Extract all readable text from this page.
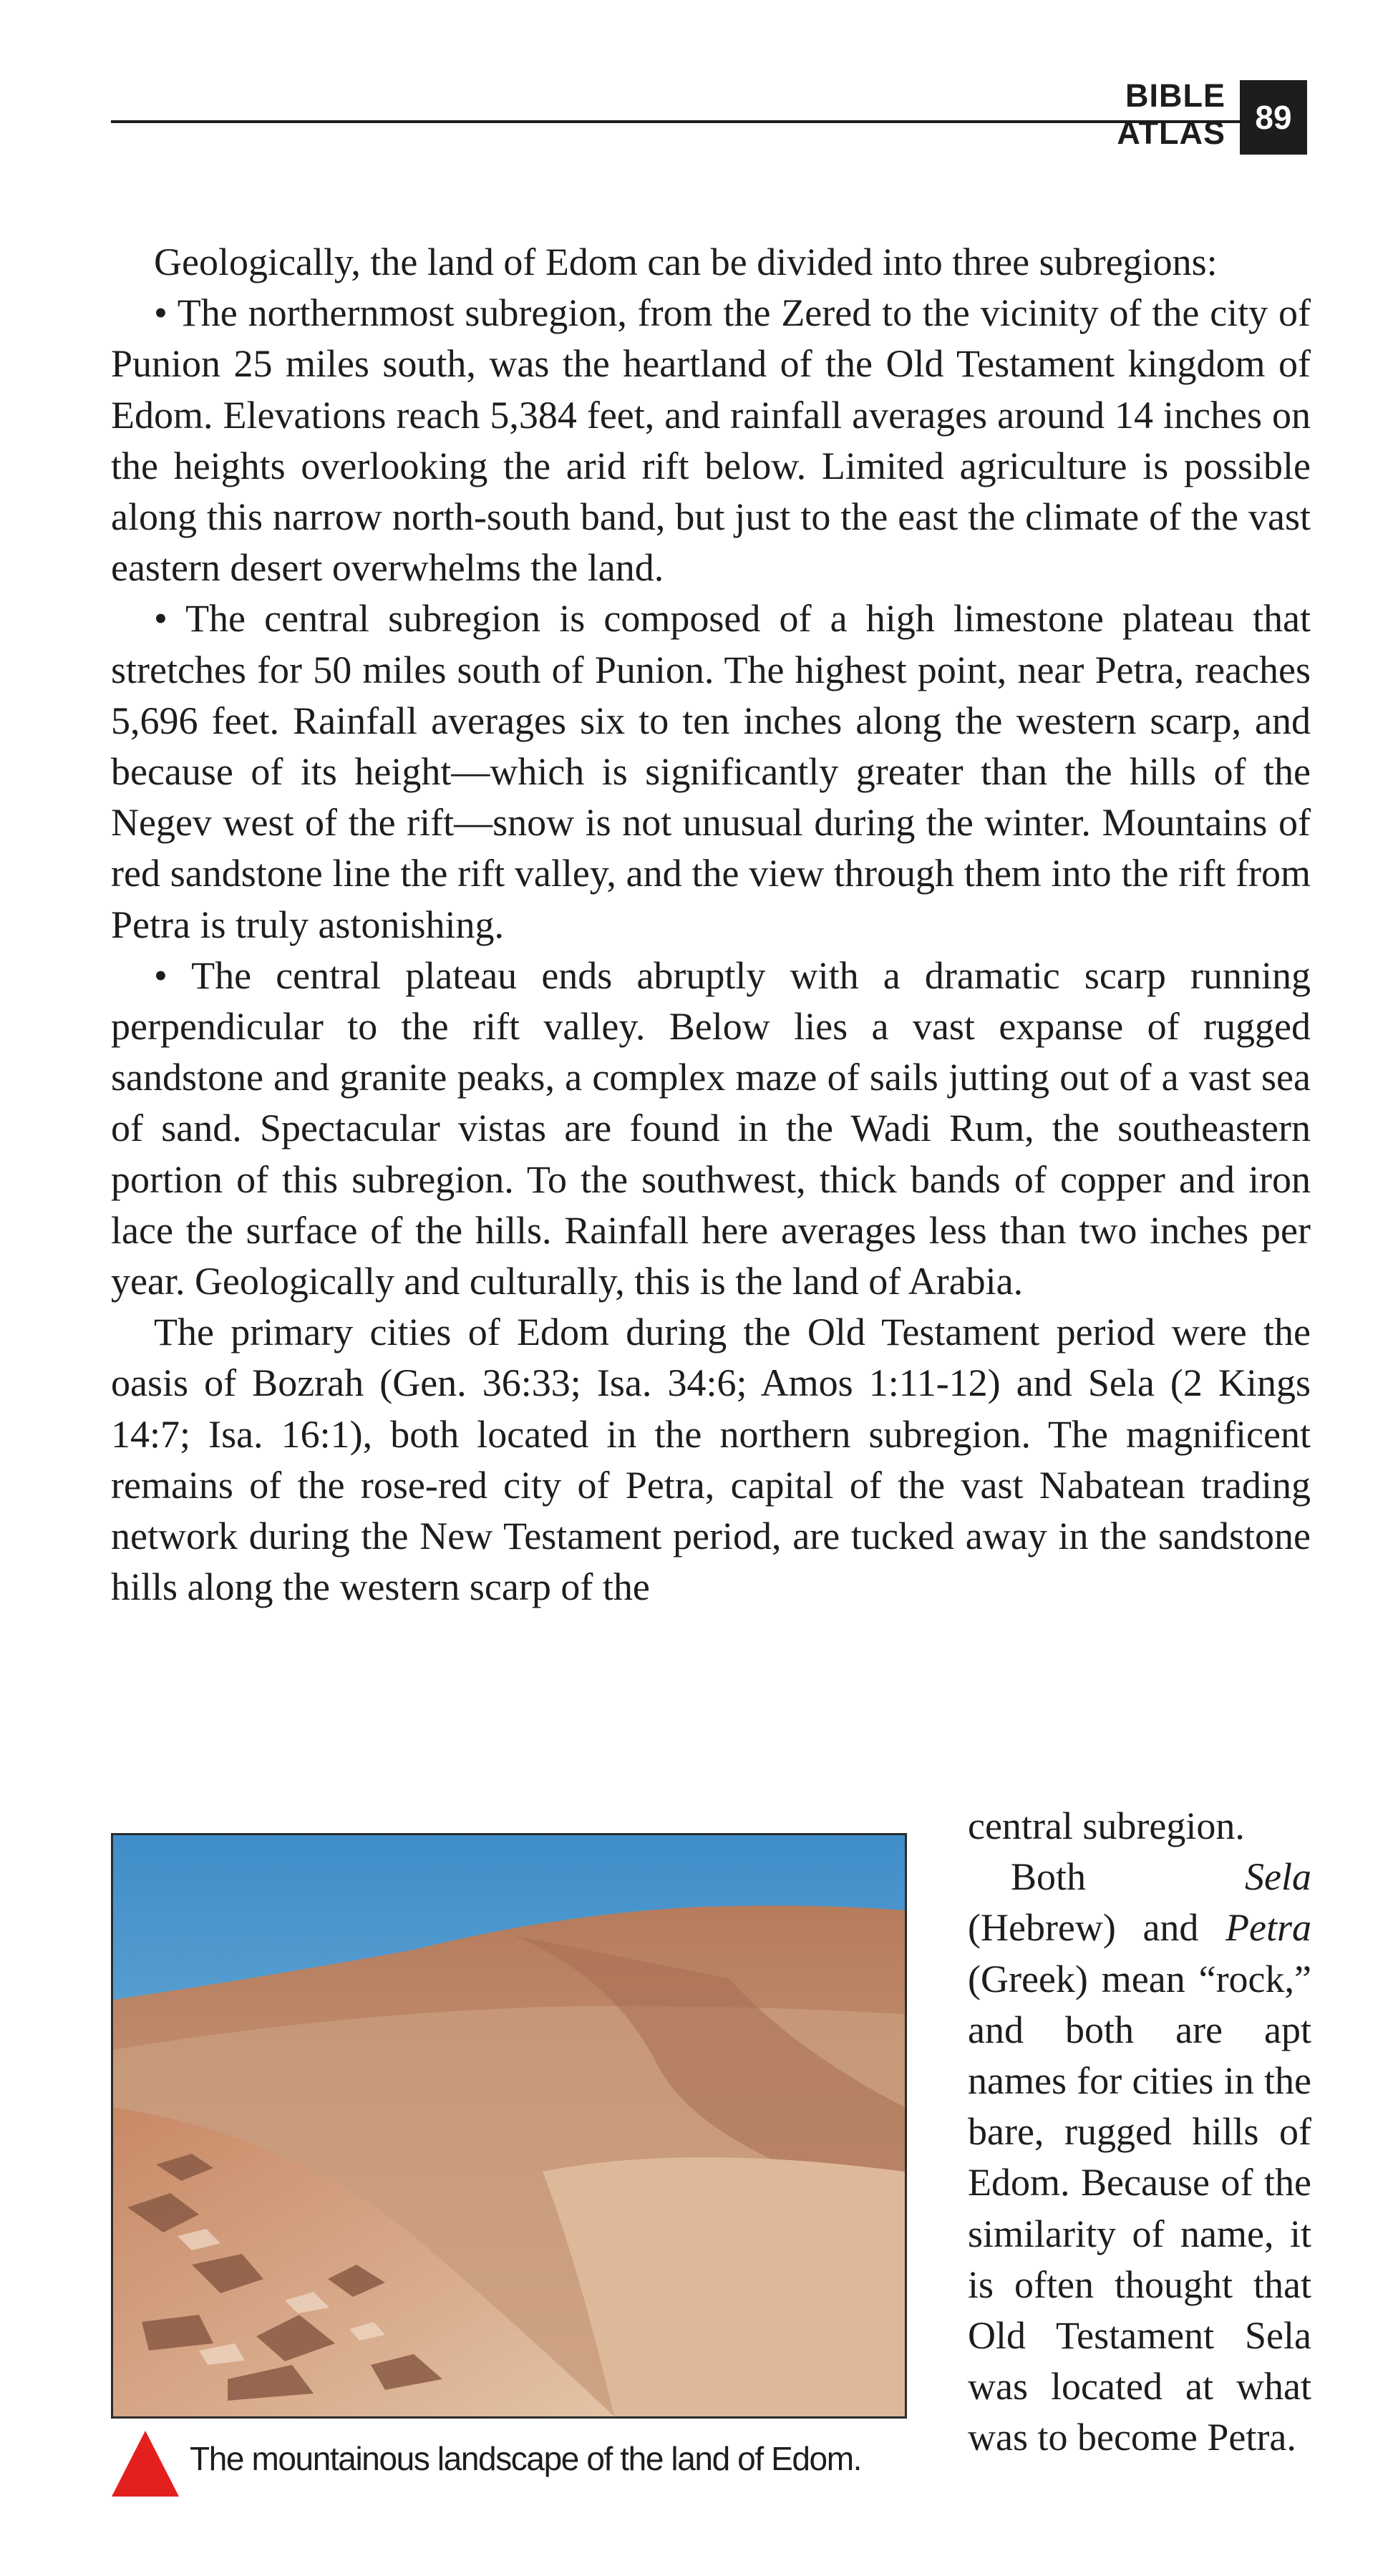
BIBLE ATLAS 89

Geologically, the land of Edom can be divided into three subregions:

• The northernmost subregion, from the Zered to the vicinity of the city of Punion 25 miles south, was the heartland of the Old Testament kingdom of Edom. Elevations reach 5,384 feet, and rainfall averages around 14 inches on the heights overlooking the arid rift below. Limited agriculture is possible along this narrow north-south band, but just to the east the climate of the vast eastern desert overwhelms the land.

• The central subregion is composed of a high limestone plateau that stretches for 50 miles south of Punion. The highest point, near Petra, reaches 5,696 feet. Rainfall averages six to ten inches along the western scarp, and because of its height—which is significantly greater than the hills of the Negev west of the rift—snow is not unusual during the winter. Mountains of red sandstone line the rift valley, and the view through them into the rift from Petra is truly astonishing.

• The central plateau ends abruptly with a dramatic scarp running perpendicular to the rift valley. Below lies a vast expanse of rugged sandstone and granite peaks, a complex maze of sails jutting out of a vast sea of sand. Spectacular vistas are found in the Wadi Rum, the southeastern portion of this subregion. To the southwest, thick bands of copper and iron lace the surface of the hills. Rainfall here averages less than two inches per year. Geologically and culturally, this is the land of Arabia.

The primary cities of Edom during the Old Testament period were the oasis of Bozrah (Gen. 36:33; Isa. 34:6; Amos 1:11-12) and Sela (2 Kings 14:7; Isa. 16:1), both located in the northern subregion. The magnificent remains of the rose-red city of Petra, capital of the vast Nabatean trading network during the New Testament period, are tucked away in the sandstone hills along the western scarp of the

The mountainous landscape of the land of Edom.

central subregion.

Both Sela (Hebrew) and Petra (Greek) mean “rock,” and both are apt names for cities in the bare, rugged hills of Edom. Because of the similarity of name, it is often thought that Old Testament Sela was located at what was to become Petra.
